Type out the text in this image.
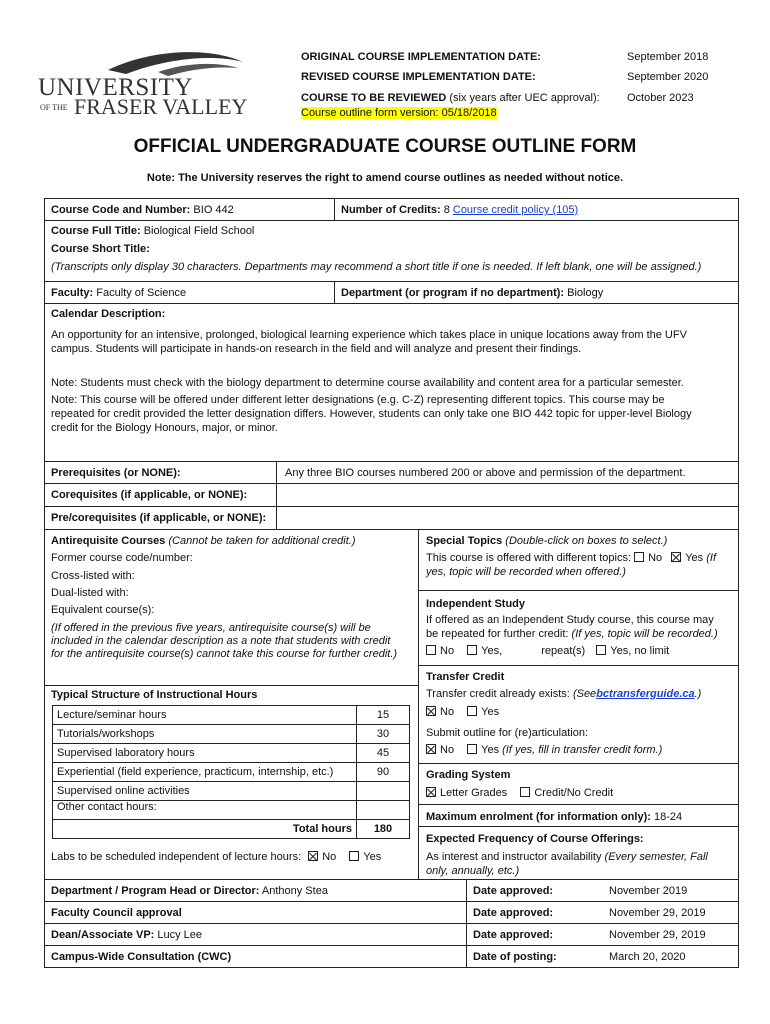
UNIVERSITY
OF THE FRASER VALLEY
ORIGINAL COURSE IMPLEMENTATION DATE:	September 2018
REVISED COURSE IMPLEMENTATION DATE:	September 2020
COURSE TO BE REVIEWED (six years after UEC approval): October 2023
Course outline form version: 05/18/2018
OFFICIAL UNDERGRADUATE COURSE OUTLINE FORM
Note: The University reserves the right to amend course outlines as needed without notice.
Course Code and Number: BIO 442	Number of Credits: 8 Course credit policy (105)
Course Full Title: Biological Field School
Course Short Title:
(Transcripts only display 30 characters. Departments may recommend a short title if one is needed. If left blank, one will be assigned.)
Faculty: Faculty of Science	Department (or program if no department): Biology
Calendar Description:
An opportunity for an intensive, prolonged, biological learning experience which takes place in unique locations away from the UFV
campus. Students will participate in hands-on research in the field and will analyze and present their findings.
Note: Students must check with the biology department to determine course availability and content area for a particular semester.
Note: This course will be offered under different letter designations (e.g. C-Z) representing different topics. This course may be
repeated for credit provided the letter designation differs. However, students can only take one BIO 442 topic for upper-level Biology
credit for the Biology Honours, major, or minor.
Prerequisites (or NONE):	Any three BIO courses numbered 200 or above and permission of the department.
Corequisites (if applicable, or NONE):
Pre/corequisites (if applicable, or NONE):
Antirequisite Courses (Cannot be taken for additional credit.)
Former course code/number:
Cross-listed with:
Dual-listed with:
Equivalent course(s):
(If offered in the previous five years, antirequisite course(s) will be
included in the calendar description as a note that students with credit
for the antirequisite course(s) cannot take this course for further credit.)
Typical Structure of Instructional Hours
Lecture/seminar hours	15
Tutorials/workshops	30
Supervised laboratory hours	45
Experiential (field experience, practicum, internship, etc.)	90
Supervised online activities	
Other contact hours:	
Total hours	180
Labs to be scheduled independent of lecture hours: No Yes
Special Topics (Double-click on boxes to select.)
This course is offered with different topics: No Yes (If
yes, topic will be recorded when offered.)
Independent Study
If offered as an Independent Study course, this course may
be repeated for further credit: (If yes, topic will be recorded.)
No Yes,	repeat(s) Yes, no limit
Transfer Credit
Transfer credit already exists: (Seebctransferguide.ca.)
No Yes
Submit outline for (re)articulation:
No Yes (If yes, fill in transfer credit form.)
Grading System
Letter Grades Credit/No Credit
Maximum enrolment (for information only): 18-24
Expected Frequency of Course Offerings:
As interest and instructor availability (Every semester, Fall
only, annually, etc.)
Department / Program Head or Director: Anthony Stea	Date approved:	November 2019
Faculty Council approval	Date approved:	November 29, 2019
Dean/Associate VP: Lucy Lee	Date approved:	November 29, 2019
Campus-Wide Consultation (CWC)	Date of posting:	March 20, 2020
